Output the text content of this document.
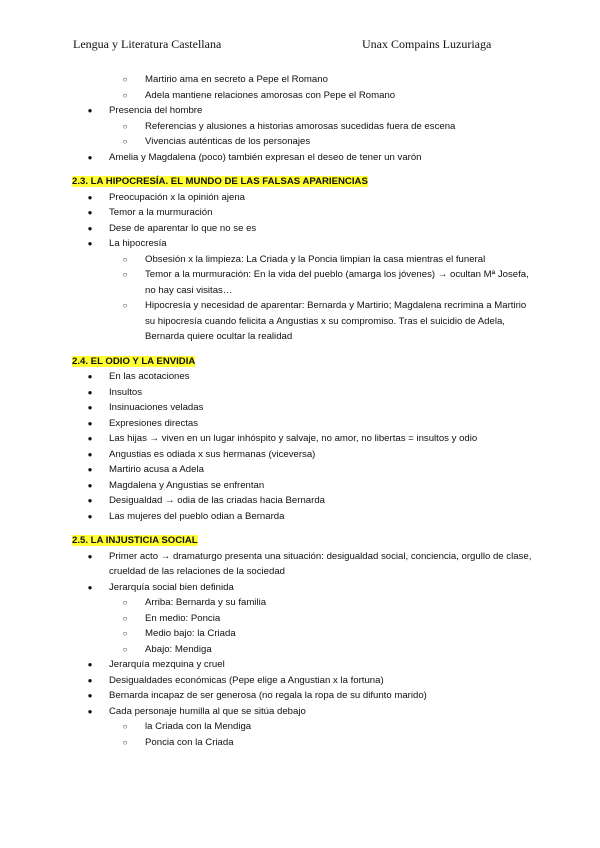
Lengua y Literatura Castellana	Unax Compains Luzuriaga
○ Martirio ama en secreto a Pepe el Romano
○ Adela mantiene relaciones amorosas con Pepe el Romano
● Presencia del hombre
○ Referencias y alusiones a historias amorosas sucedidas fuera de escena
○ Vivencias auténticas de los personajes
● Amelia y Magdalena (poco) también expresan el deseo de tener un varón
2.3. LA HIPOCRESÍA. EL MUNDO DE LAS FALSAS APARIENCIAS
● Preocupación x la opinión ajena
● Temor a la murmuración
● Dese de aparentar lo que no se es
● La hipocresía
○ Obsesión x la limpieza: La Criada y la Poncia limpian la casa mientras el funeral
○ Temor a la murmuración: En la vida del pueblo (amarga los jóvenes) → ocultan Mª Josefa, no hay casi visitas…
○ Hipocresía y necesidad de aparentar: Bernarda y Martirio; Magdalena recrimina a Martirio su hipocresía cuando felicita a Angustias x su compromiso. Tras el suicidio de Adela, Bernarda quiere ocultar la realidad
2.4. EL ODIO Y LA ENVIDIA
● En las acotaciones
● Insultos
● Insinuaciones veladas
● Expresiones directas
● Las hijas → viven en un lugar inhóspito y salvaje, no amor, no libertas = insultos y odio
● Angustias es odiada x sus hermanas (viceversa)
● Martirio acusa a Adela
● Magdalena y Angustias se enfrentan
● Desigualdad → odia de las criadas hacia Bernarda
● Las mujeres del pueblo odian a Bernarda
2.5. LA INJUSTICIA SOCIAL
● Primer acto → dramaturgo presenta una situación: desigualdad social, conciencia, orgullo de clase, crueldad de las relaciones de la sociedad
● Jerarquía social bien definida
○ Arriba: Bernarda y su familia
○ En medio: Poncia
○ Medio bajo: la Criada
○ Abajo: Mendiga
● Jerarquía mezquina y cruel
● Desigualdades económicas (Pepe elige a Angustian x la fortuna)
● Bernarda incapaz de ser generosa (no regala la ropa de su difunto marido)
● Cada personaje humilla al que se sitúa debajo
○ la Criada con la Mendiga
○ Poncia con la Criada
